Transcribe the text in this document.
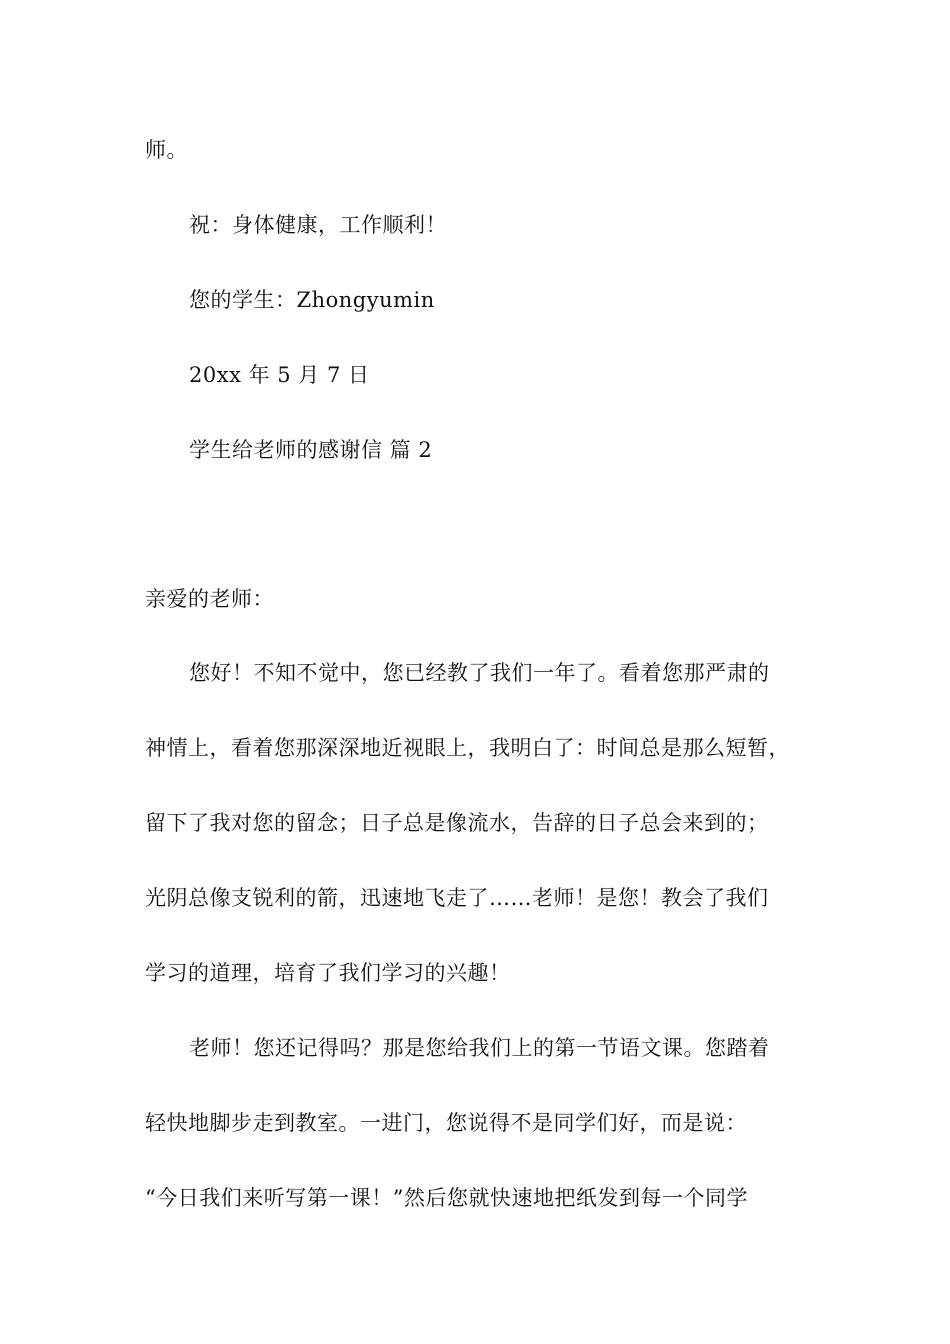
师。
祝：身体健康，工作顺利！
您的学生：Zhongyumin
20xx 年 5 月 7 日
学生给老师的感谢信 篇 2
亲爱的老师：
您好！不知不觉中，您已经教了我们一年了。看着您那严肃的
神情上，看着您那深深地近视眼上，我明白了：时间总是那么短暂，
留下了我对您的留念；日子总是像流水，告辞的日子总会来到的；
光阴总像支锐利的箭，迅速地飞走了……老师！是您！教会了我们
学习的道理，培育了我们学习的兴趣！
老师！您还记得吗？那是您给我们上的第一节语文课。您踏着
轻快地脚步走到教室。一进门，您说得不是同学们好，而是说：
“今日我们来听写第一课！”然后您就快速地把纸发到每一个同学
